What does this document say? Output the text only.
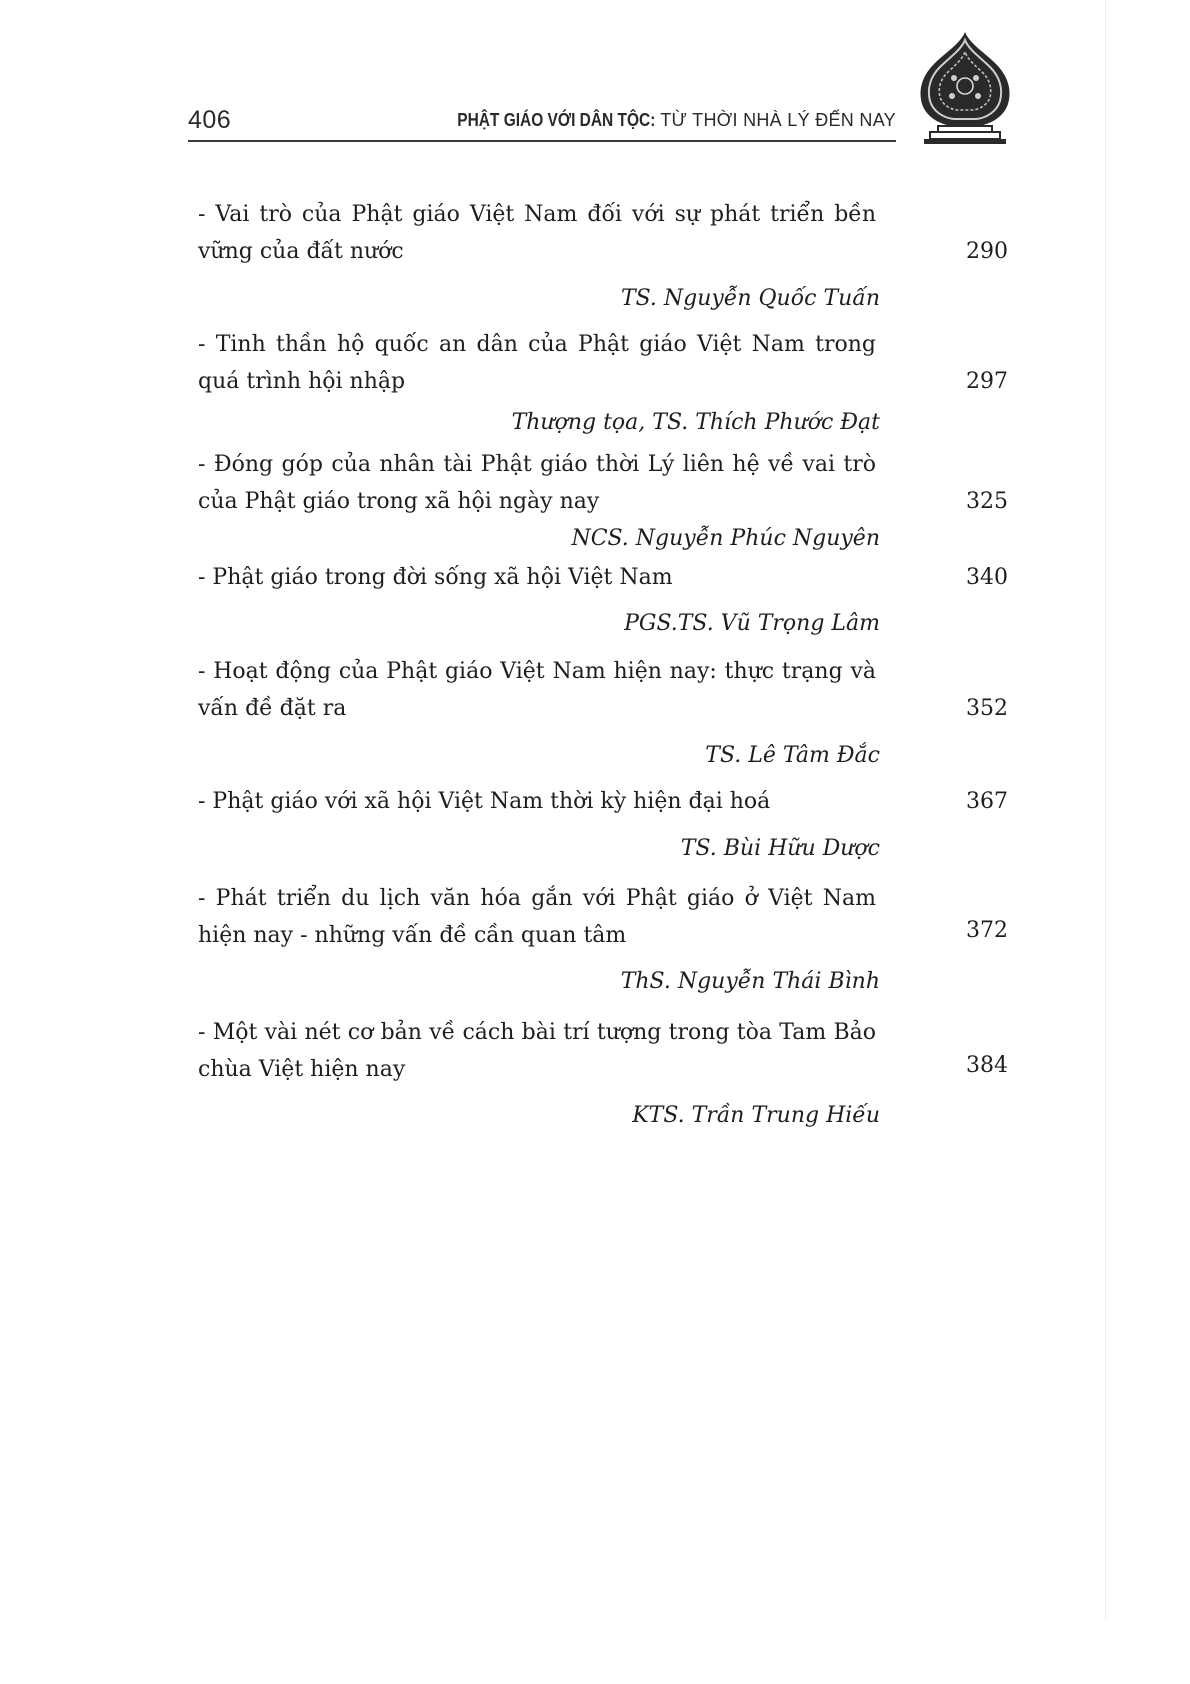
406	PHẬT GIÁO VỚI DÂN TỘC: TỪ THỜI NHÀ LÝ ĐẾN NAY
- Vai trò của Phật giáo Việt Nam đối với sự phát triển bền
vững của đất nước	290
TS. Nguyễn Quốc Tuấn
- Tinh thần hộ quốc an dân của Phật giáo Việt Nam trong
quá trình hội nhập	297
Thượng tọa, TS. Thích Phước Đạt
- Đóng góp của nhân tài Phật giáo thời Lý liên hệ về vai trò
của Phật giáo trong xã hội ngày nay	325
NCS. Nguyễn Phúc Nguyên
- Phật giáo trong đời sống xã hội Việt Nam	340
PGS.TS. Vũ Trọng Lâm
- Hoạt động của Phật giáo Việt Nam hiện nay: thực trạng và
vấn đề đặt ra	352
TS. Lê Tâm Đắc
- Phật giáo với xã hội Việt Nam thời kỳ hiện đại hoá	367
TS. Bùi Hữu Dược
- Phát triển du lịch văn hóa gắn với Phật giáo ở Việt Nam
hiện nay - những vấn đề cần quan tâm	372
ThS. Nguyễn Thái Bình
- Một vài nét cơ bản về cách bài trí tượng trong tòa Tam Bảo
chùa Việt hiện nay	384
KTS. Trần Trung Hiếu
